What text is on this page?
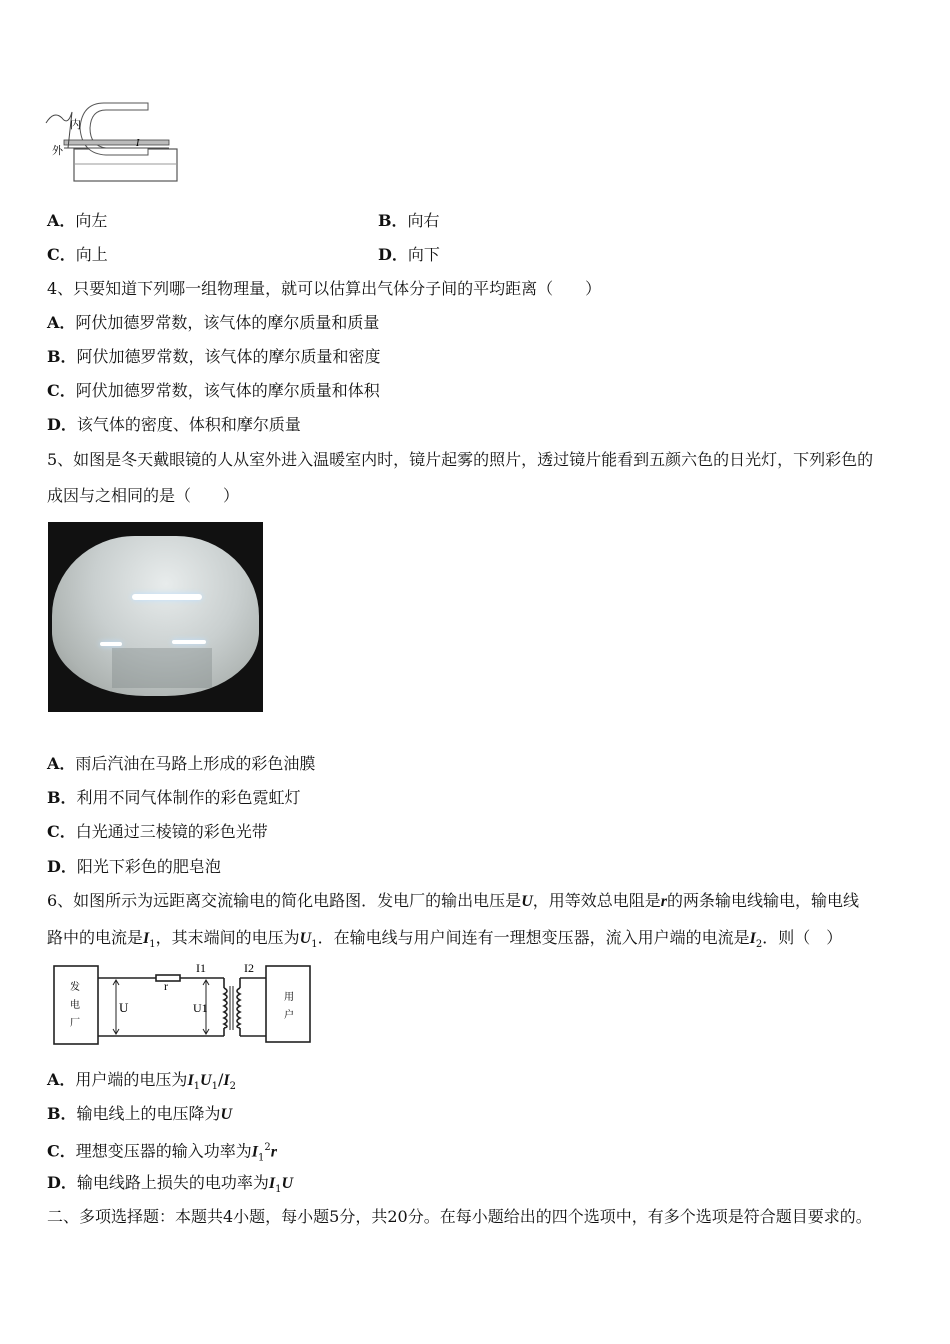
内
外
I
A．向左	B．向右
C．向上	D．向下
4、只要知道下列哪一组物理量，就可以估算出气体分子间的平均距离（　　）
A．阿伏加德罗常数，该气体的摩尔质量和质量
B．阿伏加德罗常数，该气体的摩尔质量和密度
C．阿伏加德罗常数，该气体的摩尔质量和体积
D．该气体的密度、体积和摩尔质量
5、如图是冬天戴眼镜的人从室外进入温暖室内时，镜片起雾的照片，透过镜片能看到五颜六色的日光灯，下列彩色的
成因与之相同的是（　　）
A．雨后汽油在马路上形成的彩色油膜
B．利用不同气体制作的彩色霓虹灯
C．白光通过三棱镜的彩色光带
D．阳光下彩色的肥皂泡
6、如图所示为远距离交流输电的简化电路图．发电厂的输出电压是U，用等效总电阻是r的两条输电线输电，输电线
路中的电流是$I_1$，其末端间的电压为$U_1$．在输电线与用户间连有一理想变压器，流入用户端的电流是$I_2$．则（　）
发
电
厂
用
户
U
r
I1	I2
U1
A．用户端的电压为$I_1U_1/I_2$
B．输电线上的电压降为U
C．理想变压器的输入功率为$I_1^2r$
D．输电线路上损失的电功率为$I_1U$
二、多项选择题：本题共4小题，每小题5分，共20分。在每小题给出的四个选项中，有多个选项是符合题目要求的。
